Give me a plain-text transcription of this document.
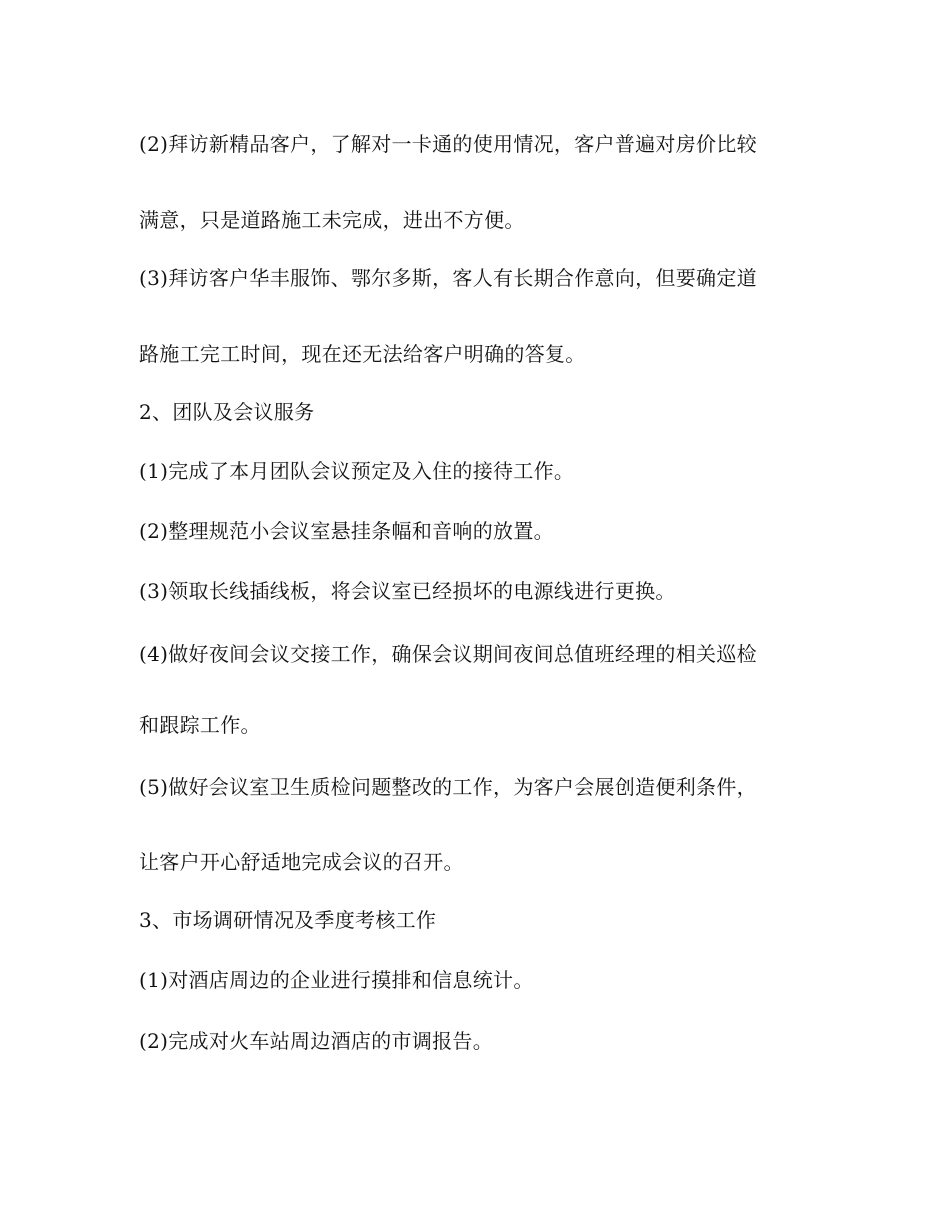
(2)拜访新精品客户，了解对一卡通的使用情况，客户普遍对房价比较
满意，只是道路施工未完成，进出不方便。
(3)拜访客户华丰服饰、鄂尔多斯，客人有长期合作意向，但要确定道
路施工完工时间，现在还无法给客户明确的答复。
2、团队及会议服务
(1)完成了本月团队会议预定及入住的接待工作。
(2)整理规范小会议室悬挂条幅和音响的放置。
(3)领取长线插线板，将会议室已经损坏的电源线进行更换。
(4)做好夜间会议交接工作，确保会议期间夜间总值班经理的相关巡检
和跟踪工作。
(5)做好会议室卫生质检问题整改的工作，为客户会展创造便利条件，
让客户开心舒适地完成会议的召开。
3、市场调研情况及季度考核工作
(1)对酒店周边的企业进行摸排和信息统计。
(2)完成对火车站周边酒店的市调报告。
